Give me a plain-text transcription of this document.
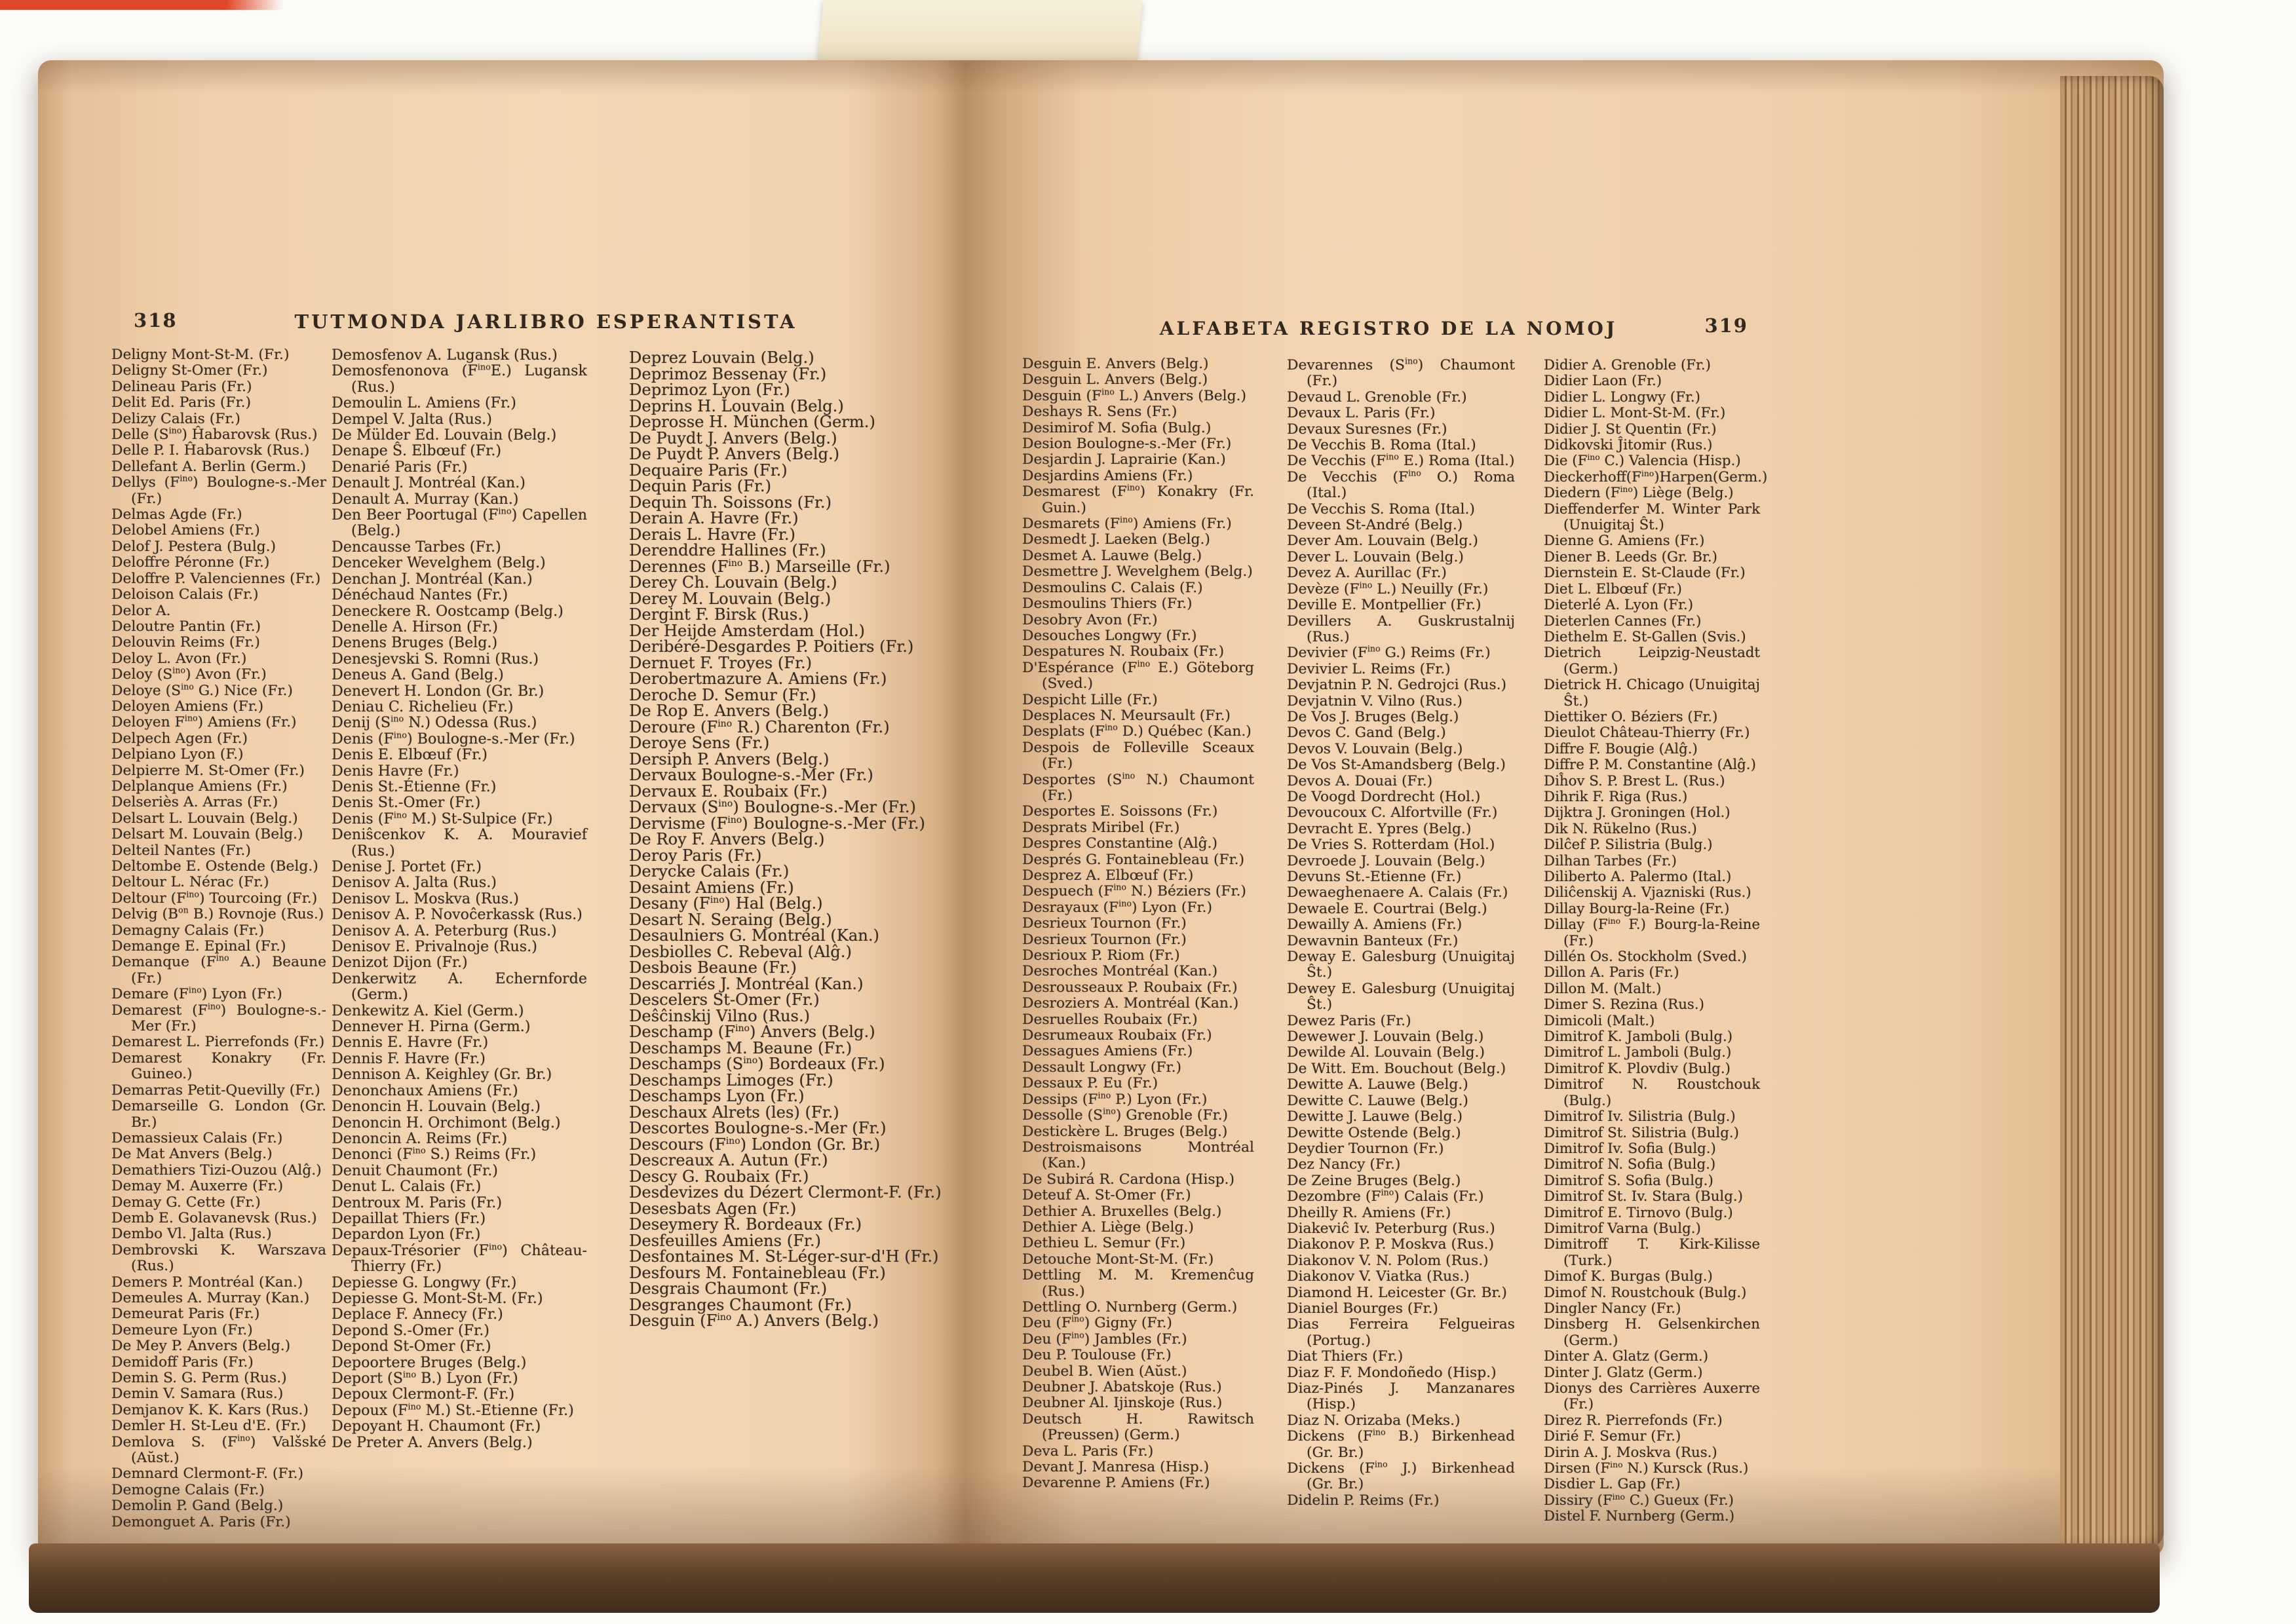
318	TUTMONDA JARLIBRO ESPERANTISTA
Deligny Mont-St-M. (Fr.)
Deligny St-Omer (Fr.)
Delineau Paris (Fr.)
Delit Ed. Paris (Fr.)
Delizy Calais (Fr.)
Delle $(S^{ino})$ Ĥabarovsk (Rus.)
Delle P. I. Ĥabarovsk (Rus.)
Dellefant A. Berlin (Germ.)
Dellys $(F^{ino})$ Boulogne-s.-Mer (Fr.)
Delmas Agde (Fr.)
Delobel Amiens (Fr.)
Delof J. Pestera (Bulg.)
Deloffre Péronne (Fr.)
Deloffre P. Valenciennes (Fr.)
Deloison Calais (Fr.)
Delor A.
Deloutre Pantin (Fr.)
Delouvin Reims (Fr.)
Deloy L. Avon (Fr.)
Deloy $(S^{ino})$ Avon (Fr.)
Deloye ($S^{ino}$ G.) Nice (Fr.)
Deloyen Amiens (Fr.)
Deloyen $F^{ino}$) Amiens (Fr.)
Delpech Agen (Fr.)
Delpiano Lyon (F.)
Delpierre M. St-Omer (Fr.)
Delplanque Amiens (Fr.)
Delseriès A. Arras (Fr.)
Delsart L. Louvain (Belg.)
Delsart M. Louvain (Belg.)
Delteil Nantes (Fr.)
Deltombe E. Ostende (Belg.)
Deltour L. Nérac (Fr.)
Deltour $(F^{ino})$ Tourcoing (Fr.)
Delvig ($B^{on}$ B.) Rovnoje (Rus.)
Demagny Calais (Fr.)
Demange E. Epinal (Fr.)
Demanque ($F^{ino}$ A.) Beaune (Fr.)
Demare $(F^{ino})$ Lyon (Fr.)
Demarest $(F^{ino})$ Boulogne-s.-Mer (Fr.)
Demarest L. Pierrefonds (Fr.)
Demarest Konakry (Fr. Guineo.)
Demarras Petit-Quevilly (Fr.)
Demarseille G. London (Gr. Br.)
Demassieux Calais (Fr.)
De Mat Anvers (Belg.)
Demathiers Tizi-Ouzou (Alĝ.)
Demay M. Auxerre (Fr.)
Demay G. Cette (Fr.)
Demb E. Golavanevsk (Rus.)
Dembo Vl. Jalta (Rus.)
Dembrovski K. Warszava (Rus.)
Demers P. Montréal (Kan.)
Demeules A. Murray (Kan.)
Demeurat Paris (Fr.)
Demeure Lyon (Fr.)
De Mey P. Anvers (Belg.)
Demidoff Paris (Fr.)
Demin S. G. Perm (Rus.)
Demin V. Samara (Rus.)
Demjanov K. K. Kars (Rus.)
Demler H. St-Leu d'E. (Fr.)
Demlova S. $(F^{ino})$ Valšské (Aŭst.)
Demnard Clermont-F. (Fr.)
Demogne Calais (Fr.)
Demolin P. Gand (Belg.)
Demonguet A. Paris (Fr.)
Demosfenov A. Lugansk (Rus.)
Demosfenonova $(F^{ino}E.)$ Lugansk (Rus.)
Demoulin L. Amiens (Fr.)
Dempel V. Jalta (Rus.)
De Mülder Ed. Louvain (Belg.)
Denape Ŝ. Elbœuf (Fr.)
Denarié Paris (Fr.)
Denault J. Montréal (Kan.)
Denault A. Murray (Kan.)
Den Beer Poortugal $(F^{ino})$ Capellen (Belg.)
Dencausse Tarbes (Fr.)
Denceker Wevelghem (Belg.)
Denchan J. Montréal (Kan.)
Dénéchaud Nantes (Fr.)
Deneckere R. Oostcamp (Belg.)
Denelle A. Hirson (Fr.)
Denens Bruges (Belg.)
Denesjevski S. Romni (Rus.)
Deneus A. Gand (Belg.)
Denevert H. London (Gr. Br.)
Deniau C. Richelieu (Fr.)
Denij ($S^{ino}$ N.) Odessa (Rus.)
Denis $(F^{ino})$ Boulogne-s.-Mer (Fr.)
Denis E. Elbœuf (Fr.)
Denis Havre (Fr.)
Denis St.-Étienne (Fr.)
Denis St.-Omer (Fr.)
Denis ($F^{ino}$ M.) St-Sulpice (Fr.)
Deniŝcenkov K. A. Mouravief (Rus.)
Denise J. Portet (Fr.)
Denisov A. Jalta (Rus.)
Denisov L. Moskva (Rus.)
Denisov A. P. Novoĉerkassk (Rus.)
Denisov A. A. Peterburg (Rus.)
Denisov E. Privalnoje (Rus.)
Denizot Dijon (Fr.)
Denkerwitz A. Echernforde (Germ.)
Denkewitz A. Kiel (Germ.)
Dennever H. Pirna (Germ.)
Dennis E. Havre (Fr.)
Dennis F. Havre (Fr.)
Dennison A. Keighley (Gr. Br.)
Denonchaux Amiens (Fr.)
Denoncin H. Louvain (Belg.)
Denoncin H. Orchimont (Belg.)
Denoncin A. Reims (Fr.)
Denonci ($F^{ino}$ S.) Reims (Fr.)
Denuit Chaumont (Fr.)
Denut L. Calais (Fr.)
Dentroux M. Paris (Fr.)
Depaillat Thiers (Fr.)
Depardon Lyon (Fr.)
Depaux-Trésorier $(F^{ino})$ Château-Thierry (Fr.)
Depiesse G. Longwy (Fr.)
Depiesse G. Mont-St-M. (Fr.)
Deplace F. Annecy (Fr.)
Depond S.-Omer (Fr.)
Depond St-Omer (Fr.)
Depoortere Bruges (Belg.)
Deport ($S^{ino}$ B.) Lyon (Fr.)
Depoux Clermont-F. (Fr.)
Depoux ($F^{ino}$ M.) St.-Etienne (Fr.)
Depoyant H. Chaumont (Fr.)
De Preter A. Anvers (Belg.)
Deprez Louvain (Belg.)
Deprimoz Bessenay (Fr.)
Deprimoz Lyon (Fr.)
Deprins H. Louvain (Belg.)
Deprosse H. München (Germ.)
De Puydt J. Anvers (Belg.)
De Puydt P. Anvers (Belg.)
Dequaire Paris (Fr.)
Dequin Paris (Fr.)
Dequin Th. Soissons (Fr.)
Derain A. Havre (Fr.)
Derais L. Havre (Fr.)
Derenddre Hallines (Fr.)
Derennes ($F^{ino}$ B.) Marseille (Fr.)
Derey Ch. Louvain (Belg.)
Derey M. Louvain (Belg.)
Dergint F. Birsk (Rus.)
Der Heijde Amsterdam (Hol.)
Deribéré-Desgardes P. Poitiers (Fr.)
Dernuet F. Troyes (Fr.)
Derobertmazure A. Amiens (Fr.)
Deroche D. Semur (Fr.)
De Rop E. Anvers (Belg.)
Deroure ($F^{ino}$ R.) Charenton (Fr.)
Deroye Sens (Fr.)
Dersiph P. Anvers (Belg.)
Dervaux Boulogne-s.-Mer (Fr.)
Dervaux E. Roubaix (Fr.)
Dervaux $(S^{ino})$ Boulogne-s.-Mer (Fr.)
Dervisme $(F^{ino})$ Boulogne-s.-Mer (Fr.)
De Roy F. Anvers (Belg.)
Deroy Paris (Fr.)
Derycke Calais (Fr.)
Desaint Amiens (Fr.)
Desany $(F^{ino})$ Hal (Belg.)
Desart N. Seraing (Belg.)
Desaulniers G. Montréal (Kan.)
Desbiolles C. Rebeval (Alĝ.)
Desbois Beaune (Fr.)
Descarriés J. Montréal (Kan.)
Descelers St-Omer (Fr.)
Deŝĉinskij Vilno (Rus.)
Deschamp $(F^{ino})$ Anvers (Belg.)
Deschamps M. Beaune (Fr.)
Deschamps $(S^{ino})$ Bordeaux (Fr.)
Deschamps Limoges (Fr.)
Deschamps Lyon (Fr.)
Deschaux Alrets (les) (Fr.)
Descortes Boulogne-s.-Mer (Fr.)
Descours $(F^{ino})$ London (Gr. Br.)
Descreaux A. Autun (Fr.)
Descy G. Roubaix (Fr.)
Desdevizes du Dézert Clermont-F. (Fr.)
Desesbats Agen (Fr.)
Deseymery R. Bordeaux (Fr.)
Desfeuilles Amiens (Fr.)
Desfontaines M. St-Léger-sur-d'H (Fr.)
Desfours M. Fontainebleau (Fr.)
Desgrais Chaumont (Fr.)
Desgranges Chaumont (Fr.)
Desguin ($F^{ino}$ A.) Anvers (Belg.)
ALFABETA REGISTRO DE LA NOMOJ	319
Desguin E. Anvers (Belg.)
Desguin L. Anvers (Belg.)
Desguin ($F^{ino}$ L.) Anvers (Belg.)
Deshays R. Sens (Fr.)
Desimirof M. Sofia (Bulg.)
Desion Boulogne-s.-Mer (Fr.)
Desjardin J. Laprairie (Kan.)
Desjardins Amiens (Fr.)
Desmarest $(F^{ino})$ Konakry (Fr. Guin.)
Desmarets $(F^{ino})$ Amiens (Fr.)
Desmedt J. Laeken (Belg.)
Desmet A. Lauwe (Belg.)
Desmettre J. Wevelghem (Belg.)
Desmoulins C. Calais (F.)
Desmoulins Thiers (Fr.)
Desobry Avon (Fr.)
Desouches Longwy (Fr.)
Despatures N. Roubaix (Fr.)
D'Espérance ($F^{ino}$ E.) Göteborg (Sved.)
Despicht Lille (Fr.)
Desplaces N. Meursault (Fr.)
Desplats ($F^{ino}$ D.) Québec (Kan.)
Despois de Folleville Sceaux (Fr.)
Desportes ($S^{ino}$ N.) Chaumont (Fr.)
Desportes E. Soissons (Fr.)
Desprats Miribel (Fr.)
Despres Constantine (Alĝ.)
Després G. Fontainebleau (Fr.)
Desprez A. Elbœuf (Fr.)
Despuech ($F^{ino}$ N.) Béziers (Fr.)
Desrayaux $(F^{ino})$ Lyon (Fr.)
Desrieux Tournon (Fr.)
Desrieux Tournon (Fr.)
Desrioux P. Riom (Fr.)
Desroches Montréal (Kan.)
Desrousseaux P. Roubaix (Fr.)
Desroziers A. Montréal (Kan.)
Desruelles Roubaix (Fr.)
Desrumeaux Roubaix (Fr.)
Dessagues Amiens (Fr.)
Dessault Longwy (Fr.)
Dessaux P. Eu (Fr.)
Dessips ($F^{ino}$ P.) Lyon (Fr.)
Dessolle $(S^{ino})$ Grenoble (Fr.)
Destickère L. Bruges (Belg.)
Destroismaisons Montréal (Kan.)
De Subirá R. Cardona (Hisp.)
Deteuf A. St-Omer (Fr.)
Dethier A. Bruxelles (Belg.)
Dethier A. Liège (Belg.)
Dethieu L. Semur (Fr.)
Detouche Mont-St-M. (Fr.)
Dettling M. M. Kremenĉug (Rus.)
Dettling O. Nurnberg (Germ.)
Deu $(F^{ino})$ Gigny (Fr.)
Deu $(F^{ino})$ Jambles (Fr.)
Deu P. Toulouse (Fr.)
Deubel B. Wien (Aŭst.)
Deubner J. Abatskoje (Rus.)
Deubner Al. Ijinskoje (Rus.)
Deutsch H. Rawitsch (Preussen) (Germ.)
Deva L. Paris (Fr.)
Devant J. Manresa (Hisp.)
Devarenne P. Amiens (Fr.)
Devarennes $(S^{ino})$ Chaumont (Fr.)
Devaud L. Grenoble (Fr.)
Devaux L. Paris (Fr.)
Devaux Suresnes (Fr.)
De Vecchis B. Roma (Ital.)
De Vecchis ($F^{ino}$ E.) Roma (Ital.)
De Vecchis ($F^{ino}$ O.) Roma (Ital.)
De Vecchis S. Roma (Ital.)
Deveen St-André (Belg.)
Dever Am. Louvain (Belg.)
Dever L. Louvain (Belg.)
Devez A. Aurillac (Fr.)
Devèze ($F^{ino}$ L.) Neuilly (Fr.)
Deville E. Montpellier (Fr.)
Devillers A. Guskrustalnij (Rus.)
Devivier ($F^{ino}$ G.) Reims (Fr.)
Devivier L. Reims (Fr.)
Devjatnin P. N. Gedrojci (Rus.)
Devjatnin V. Vilno (Rus.)
De Vos J. Bruges (Belg.)
Devos C. Gand (Belg.)
Devos V. Louvain (Belg.)
De Vos St-Amandsberg (Belg.)
Devos A. Douai (Fr.)
De Voogd Dordrecht (Hol.)
Devoucoux C. Alfortville (Fr.)
Devracht E. Ypres (Belg.)
De Vries S. Rotterdam (Hol.)
Devroede J. Louvain (Belg.)
Devuns St.-Etienne (Fr.)
Dewaeghenaere A. Calais (Fr.)
Dewaele E. Courtrai (Belg.)
Dewailly A. Amiens (Fr.)
Dewavnin Banteux (Fr.)
Deway E. Galesburg (Unuigitaj Ŝt.)
Dewey E. Galesburg (Unuigitaj Ŝt.)
Dewez Paris (Fr.)
Dewewer J. Louvain (Belg.)
Dewilde Al. Louvain (Belg.)
De Witt. Em. Bouchout (Belg.)
Dewitte A. Lauwe (Belg.)
Dewitte C. Lauwe (Belg.)
Dewitte J. Lauwe (Belg.)
Dewitte Ostende (Belg.)
Deydier Tournon (Fr.)
Dez Nancy (Fr.)
De Zeine Bruges (Belg.)
Dezombre $(F^{ino})$ Calais (Fr.)
Dheilly R. Amiens (Fr.)
Diakeviĉ Iv. Peterburg (Rus.)
Diakonov P. P. Moskva (Rus.)
Diakonov V. N. Polom (Rus.)
Diakonov V. Viatka (Rus.)
Diamond H. Leicester (Gr. Br.)
Dianiel Bourges (Fr.)
Dias Ferreira Felgueiras (Portug.)
Diat Thiers (Fr.)
Diaz F. F. Mondoñedo (Hisp.)
Diaz-Pinés J. Manzanares (Hisp.)
Diaz N. Orizaba (Meks.)
Dickens ($F^{ino}$ B.) Birkenhead (Gr. Br.)
Dickens ($F^{ino}$ J.) Birkenhead (Gr. Br.)
Didelin P. Reims (Fr.)
Didier A. Grenoble (Fr.)
Didier Laon (Fr.)
Didier L. Longwy (Fr.)
Didier L. Mont-St-M. (Fr.)
Didier J. St Quentin (Fr.)
Didkovski Ĵitomir (Rus.)
Die ($F^{ino}$ C.) Valencia (Hisp.)
$Dieckerhoff(F^{ino})Harpen(Germ.)$
Diedern $(F^{ino})$ Liège (Belg.)
Dieffenderfer M. Winter Park (Unuigitaj Ŝt.)
Dienne G. Amiens (Fr.)
Diener B. Leeds (Gr. Br.)
Diernstein E. St-Claude (Fr.)
Diet L. Elbœuf (Fr.)
Dieterlé A. Lyon (Fr.)
Dieterlen Cannes (Fr.)
Diethelm E. St-Gallen (Svis.)
Dietrich Leipzig-Neustadt (Germ.)
Dietrick H. Chicago (Unuigitaj Ŝt.)
Diettiker O. Béziers (Fr.)
Dieulot Château-Thierry (Fr.)
Diffre F. Bougie (Alĝ.)
Diffre P. M. Constantine (Alĝ.)
Diĥov S. P. Brest L. (Rus.)
Dihrik F. Riga (Rus.)
Dijktra J. Groningen (Hol.)
Dik N. Rükelno (Rus.)
Dilĉef P. Silistria (Bulg.)
Dilhan Tarbes (Fr.)
Diliberto A. Palermo (Ital.)
Diliĉenskij A. Vjazniski (Rus.)
Dillay Bourg-la-Reine (Fr.)
Dillay ($F^{ino}$ F.) Bourg-la-Reine (Fr.)
Dillén Os. Stockholm (Sved.)
Dillon A. Paris (Fr.)
Dillon M. (Malt.)
Dimer S. Rezina (Rus.)
Dimicoli (Malt.)
Dimitrof K. Jamboli (Bulg.)
Dimitrof L. Jamboli (Bulg.)
Dimitrof K. Plovdiv (Bulg.)
Dimitrof N. Roustchouk (Bulg.)
Dimitrof Iv. Silistria (Bulg.)
Dimitrof St. Silistria (Bulg.)
Dimitrof Iv. Sofia (Bulg.)
Dimitrof N. Sofia (Bulg.)
Dimitrof S. Sofia (Bulg.)
Dimitrof St. Iv. Stara (Bulg.)
Dimitrof E. Tirnovo (Bulg.)
Dimitrof Varna (Bulg.)
Dimitroff T. Kirk-Kilisse (Turk.)
Dimof K. Burgas (Bulg.)
Dimof N. Roustchouk (Bulg.)
Dingler Nancy (Fr.)
Dinsberg H. Gelsenkirchen (Germ.)
Dinter A. Glatz (Germ.)
Dinter J. Glatz (Germ.)
Dionys des Carrières Auxerre (Fr.)
Direz R. Pierrefonds (Fr.)
Dirié F. Semur (Fr.)
Dirin A. J. Moskva (Rus.)
Dirsen ($F^{ino}$ N.) Kursck (Rus.)
Disdier L. Gap (Fr.)
Dissiry ($F^{ino}$ C.) Gueux (Fr.)
Distel F. Nurnberg (Germ.)
